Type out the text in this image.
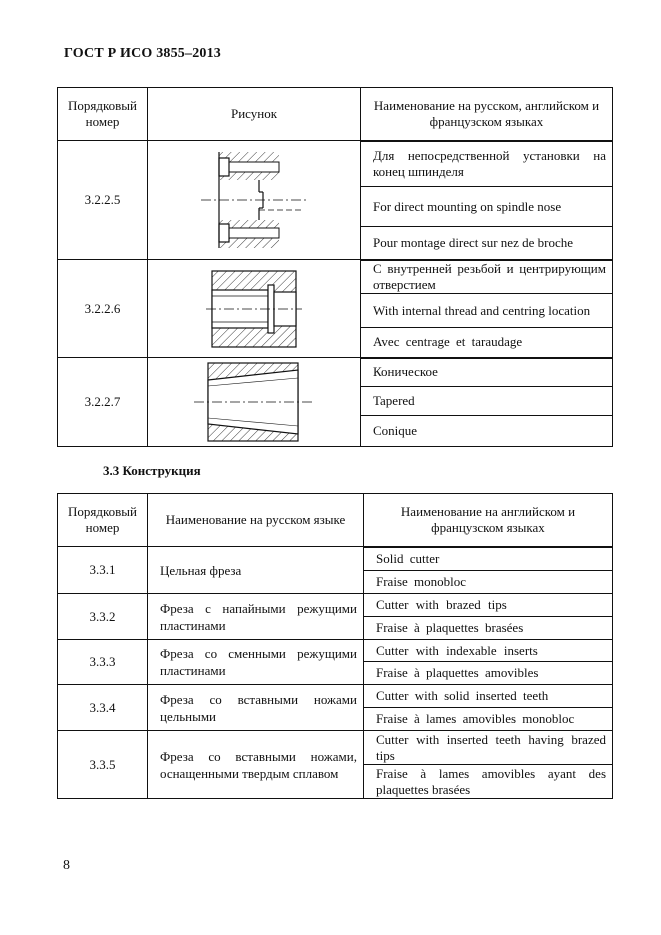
ГОСТ Р ИСО 3855–2013
Порядковый номер	Рисунок	Наименование на русском, английском и французском языках
3.2.2.5		Для непосредственной установки на конец шпинделя
		For direct mounting on spindle nose
		Pour montage direct sur nez de broche
3.2.2.6		С внутренней резьбой и центрирующим отверстием
		With internal thread and centring location
		Avec centrage et taraudage
3.2.2.7		Коническое
		Tapered
		Conique
3.3 Конструкция
Порядковый номер	Наименование на русском языке	Наименование на английском и французском языках
3.3.1	Цельная фреза	Solid cutter
		Fraise monobloc
3.3.2	Фреза с напайными режущими пластинами	Cutter with brazed tips
		Fraise à plaquettes brasées
3.3.3	Фреза со сменными режущими пластинами	Cutter with indexable inserts
		Fraise à plaquettes amovibles
3.3.4	Фреза со вставными ножами цельными	Cutter with solid inserted teeth
		Fraise à lames amovibles monobloc
3.3.5	Фреза со вставными ножами, оснащенными твердым сплавом	Cutter with inserted teeth having brazed tips
		Fraise à lames amovibles ayant des plaquettes brasées
8
